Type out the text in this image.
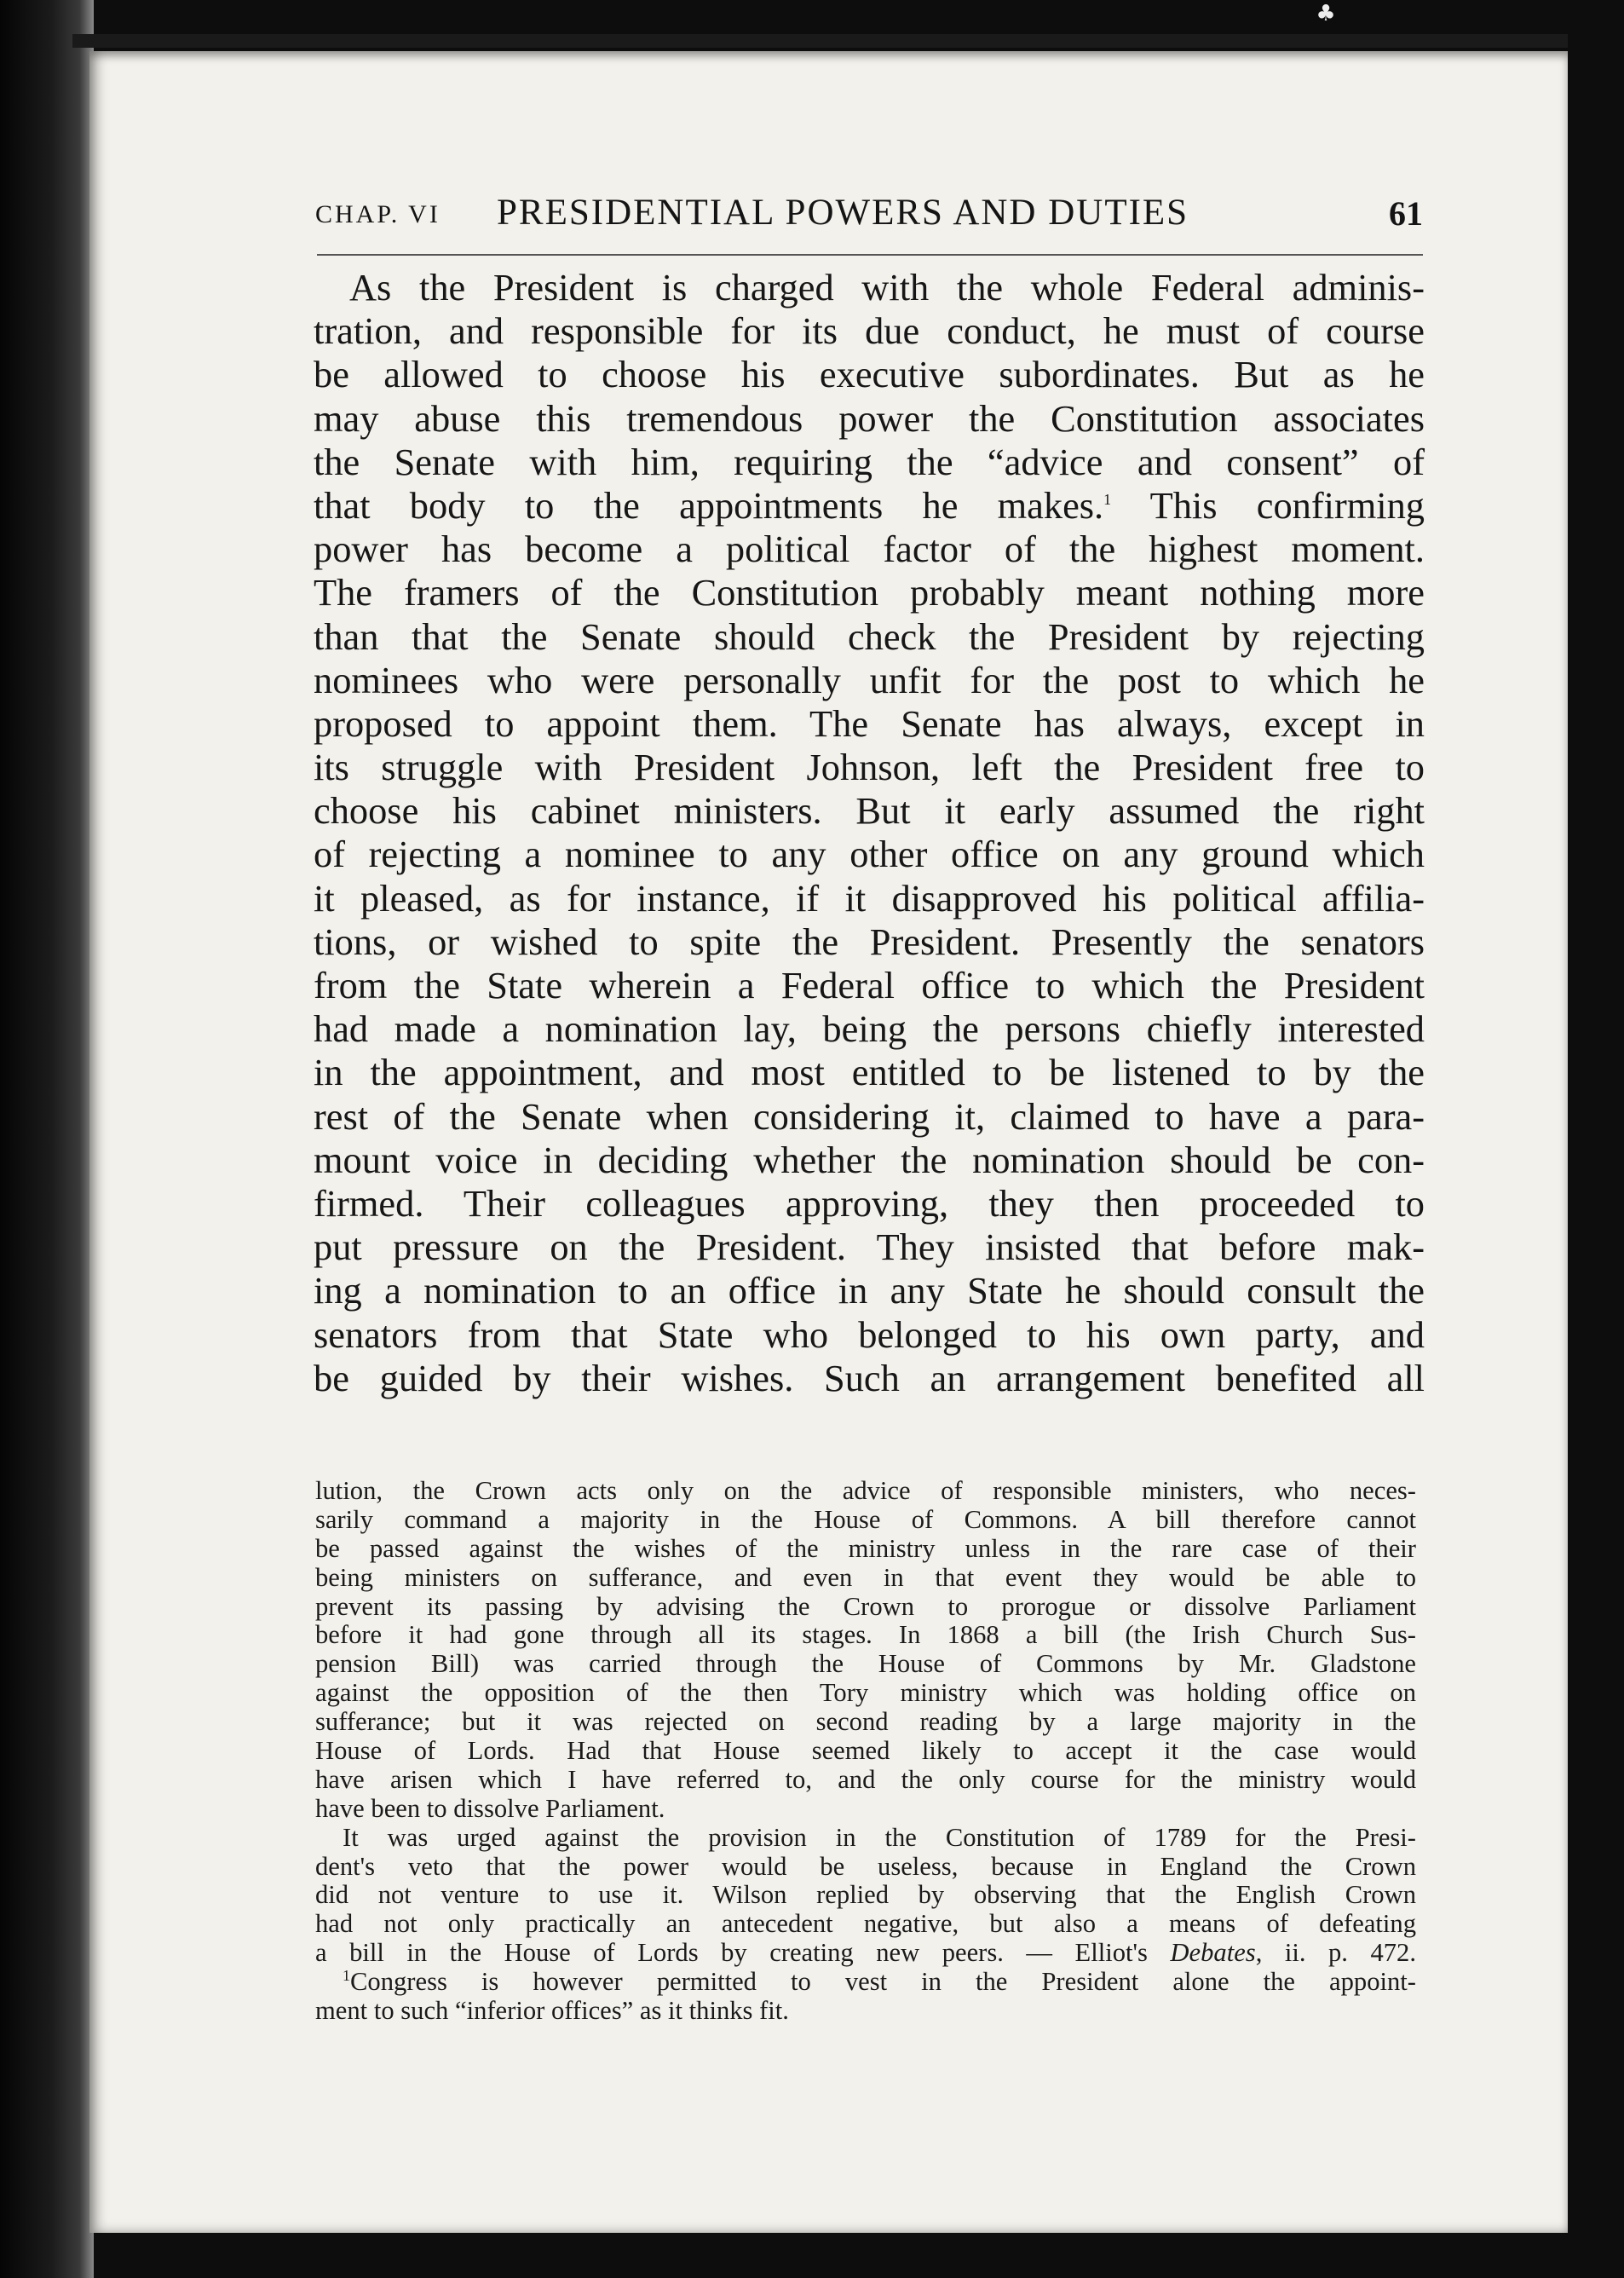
♣
CHAP. VI PRESIDENTIAL POWERS AND DUTIES	61
As the President is charged with the whole Federal adminis-
tration, and responsible for its due conduct, he must of course
be allowed to choose his executive subordinates. But as he
may abuse this tremendous power the Constitution associates
the Senate with him, requiring the “advice and consent” of
that body to the appointments he makes.$^1$ This confirming
power has become a political factor of the highest moment.
The framers of the Constitution probably meant nothing more
than that the Senate should check the President by rejecting
nominees who were personally unfit for the post to which he
proposed to appoint them. The Senate has always, except in
its struggle with President Johnson, left the President free to
choose his cabinet ministers. But it early assumed the right
of rejecting a nominee to any other office on any ground which
it pleased, as for instance, if it disapproved his political affilia-
tions, or wished to spite the President. Presently the senators
from the State wherein a Federal office to which the President
had made a nomination lay, being the persons chiefly interested
in the appointment, and most entitled to be listened to by the
rest of the Senate when considering it, claimed to have a para-
mount voice in deciding whether the nomination should be con-
firmed. Their colleagues approving, they then proceeded to
put pressure on the President. They insisted that before mak-
ing a nomination to an office in any State he should consult the
senators from that State who belonged to his own party, and
be guided by their wishes. Such an arrangement benefited all
lution, the Crown acts only on the advice of responsible ministers, who neces-
sarily command a majority in the House of Commons. A bill therefore cannot
be passed against the wishes of the ministry unless in the rare case of their
being ministers on sufferance, and even in that event they would be able to
prevent its passing by advising the Crown to prorogue or dissolve Parliament
before it had gone through all its stages. In 1868 a bill (the Irish Church Sus-
pension Bill) was carried through the House of Commons by Mr. Gladstone
against the opposition of the then Tory ministry which was holding office on
sufferance; but it was rejected on second reading by a large majority in the
House of Lords. Had that House seemed likely to accept it the case would
have arisen which I have referred to, and the only course for the ministry would
have been to dissolve Parliament.
It was urged against the provision in the Constitution of 1789 for the Presi-
dent's veto that the power would be useless, because in England the Crown
did not venture to use it. Wilson replied by observing that the English Crown
had not only practically an antecedent negative, but also a means of defeating
a bill in the House of Lords by creating new peers. — Elliot's Debates, ii. p. 472.
$^1$Congress is however permitted to vest in the President alone the appoint-
ment to such “inferior offices” as it thinks fit.
